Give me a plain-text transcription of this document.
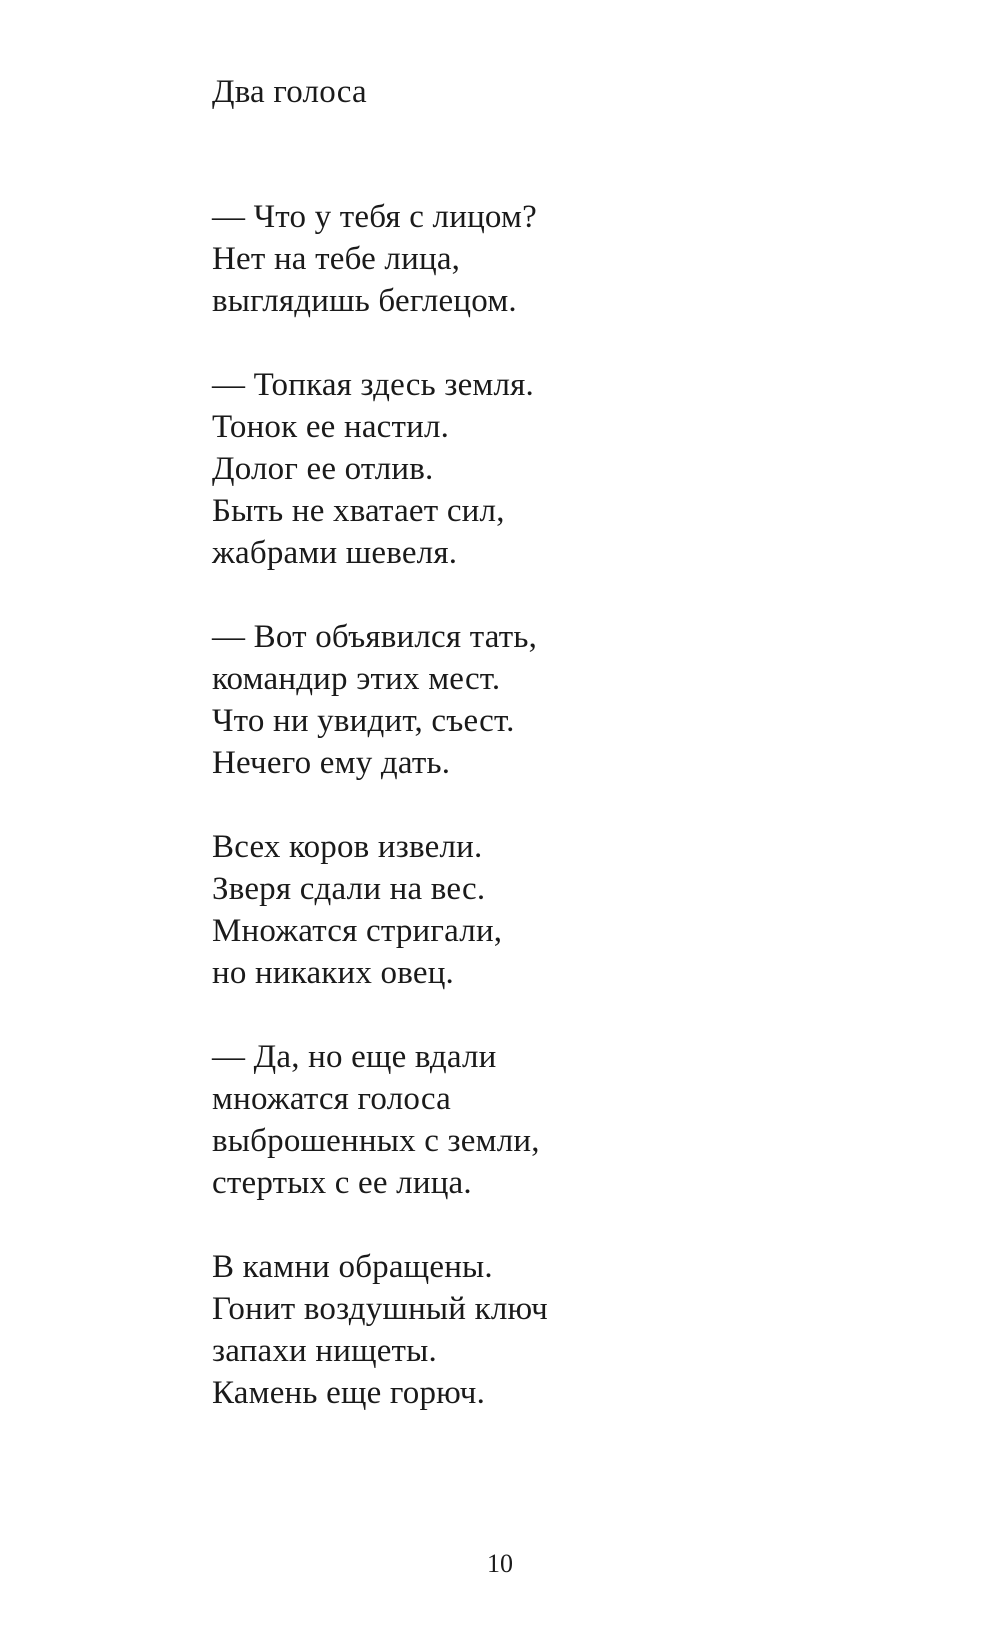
Два голоса
— Что у тебя с лицом?
Нет на тебе лица,
выглядишь беглецом.
— Топкая здесь земля.
Тонок ее настил.
Долог ее отлив.
Быть не хватает сил,
жабрами шевеля.
— Вот объявился тать,
командир этих мест.
Что ни увидит, съест.
Нечего ему дать.
Всех коров извели.
Зверя сдали на вес.
Множатся стригали,
но никаких овец.
— Да, но еще вдали
множатся голоса
выброшенных с земли,
стертых с ее лица.
В камни обращены.
Гонит воздушный ключ
запахи нищеты.
Камень еще горюч.
10
